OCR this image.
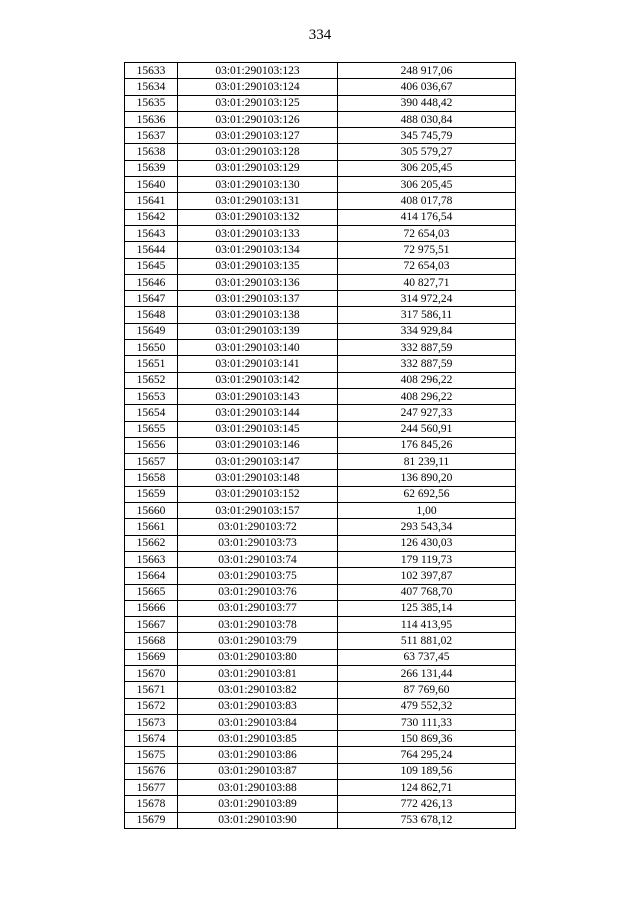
334
15633	03:01:290103:123	248 917,06
15634	03:01:290103:124	406 036,67
15635	03:01:290103:125	390 448,42
15636	03:01:290103:126	488 030,84
15637	03:01:290103:127	345 745,79
15638	03:01:290103:128	305 579,27
15639	03:01:290103:129	306 205,45
15640	03:01:290103:130	306 205,45
15641	03:01:290103:131	408 017,78
15642	03:01:290103:132	414 176,54
15643	03:01:290103:133	72 654,03
15644	03:01:290103:134	72 975,51
15645	03:01:290103:135	72 654,03
15646	03:01:290103:136	40 827,71
15647	03:01:290103:137	314 972,24
15648	03:01:290103:138	317 586,11
15649	03:01:290103:139	334 929,84
15650	03:01:290103:140	332 887,59
15651	03:01:290103:141	332 887,59
15652	03:01:290103:142	408 296,22
15653	03:01:290103:143	408 296,22
15654	03:01:290103:144	247 927,33
15655	03:01:290103:145	244 560,91
15656	03:01:290103:146	176 845,26
15657	03:01:290103:147	81 239,11
15658	03:01:290103:148	136 890,20
15659	03:01:290103:152	62 692,56
15660	03:01:290103:157	1,00
15661	03:01:290103:72	293 543,34
15662	03:01:290103:73	126 430,03
15663	03:01:290103:74	179 119,73
15664	03:01:290103:75	102 397,87
15665	03:01:290103:76	407 768,70
15666	03:01:290103:77	125 385,14
15667	03:01:290103:78	114 413,95
15668	03:01:290103:79	511 881,02
15669	03:01:290103:80	63 737,45
15670	03:01:290103:81	266 131,44
15671	03:01:290103:82	87 769,60
15672	03:01:290103:83	479 552,32
15673	03:01:290103:84	730 111,33
15674	03:01:290103:85	150 869,36
15675	03:01:290103:86	764 295,24
15676	03:01:290103:87	109 189,56
15677	03:01:290103:88	124 862,71
15678	03:01:290103:89	772 426,13
15679	03:01:290103:90	753 678,12
